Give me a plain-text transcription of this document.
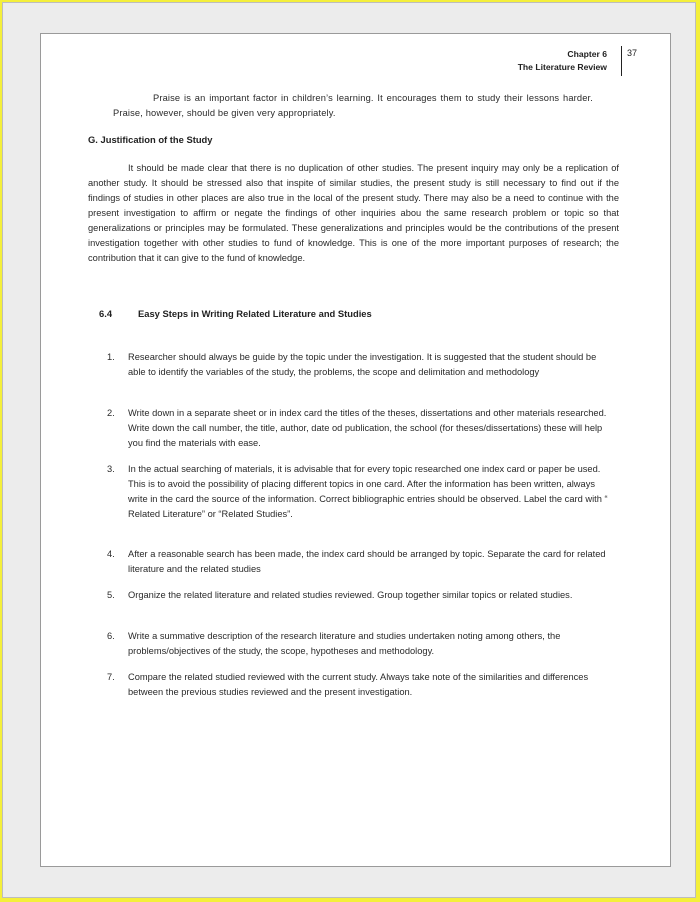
Chapter 6
The Literature Review
37
Praise is an important factor in children’s learning. It encourages them to study their lessons harder. Praise, however, should be given very appropriately.
G. Justification of the Study
It should be made clear that there is no duplication of other studies. The present inquiry may only be a replication of another study. It should be stressed also that inspite of similar studies, the present study is still necessary to find out if the findings of studies in other places are also true in the local of the present study. There may also be a need to continue with the present investigation to affirm or negate the findings of other inquiries abou the same research problem or topic so that generalizations or principles may be formulated. These generalizations and principles would be the contributions of the present investigation together with other studies to fund of knowledge. This is one of the more important purposes of research; the contribution that it can give to the fund of knowledge.
6.4	Easy Steps in Writing Related Literature and Studies
1.	Researcher should always be guide by the topic under the investigation. It is suggested that the student should be able to identify the variables of the study, the problems, the scope and delimitation and methodology
2.	Write down in a separate sheet or in index card the titles of the theses, dissertations and other materials researched. Write down the call number, the title, author, date od publication, the school (for theses/dissertations) these will help you find the materials with ease.
3.	In the actual searching of materials, it is advisable that for every topic researched one index card or paper be used. This is to avoid the possibility of placing different topics in one card. After the information has been written, always write in the card the source of the information. Correct bibliographic entries should be observed. Label the card with “ Related Literature” or “Related Studies”.
4.	After a reasonable search has been made, the index card should be arranged by topic. Separate the card for related literature and the related studies
5.	Organize the related literature and related studies reviewed. Group together similar topics or related studies.
6.	Write a summative description of the research literature and studies undertaken noting among others, the problems/objectives of the study, the scope, hypotheses and methodology.
7.	Compare the related studied reviewed with the current study. Always take note of the similarities and differences between the previous studies reviewed and the present investigation.
